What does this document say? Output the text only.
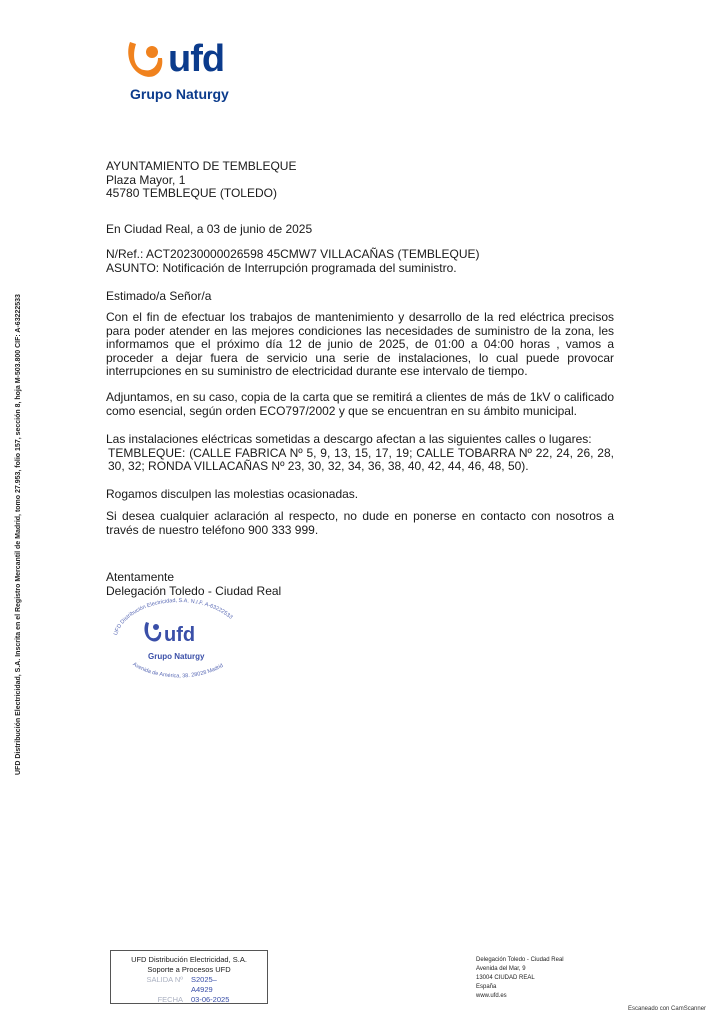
ufd
Grupo Naturgy
UFD Distribución Electricidad, S.A. Inscrita en el Registro Mercantil de Madrid, tomo 27.953, folio 157, sección 8, hoja M-503.800 CIF: A-63222533
AYUNTAMIENTO DE TEMBLEQUE
Plaza Mayor, 1
45780 TEMBLEQUE (TOLEDO)
En Ciudad Real, a 03 de junio de 2025
N/Ref.: ACT20230000026598 45CMW7 VILLACAÑAS (TEMBLEQUE)
ASUNTO: Notificación de Interrupción programada del suministro.
Estimado/a Señor/a
Con el fin de efectuar los trabajos de mantenimiento y desarrollo de la red eléctrica precisos para poder atender en las mejores condiciones las necesidades de suministro de la zona, les informamos que el próximo día 12 de junio de 2025, de 01:00 a 04:00 horas , vamos a proceder a dejar fuera de servicio una serie de instalaciones, lo cual puede provocar interrupciones en su suministro de electricidad durante ese intervalo de tiempo.
Adjuntamos, en su caso, copia de la carta que se remitirá a clientes de más de 1kV o calificado como esencial, según orden ECO797/2002 y que se encuentran en su ámbito municipal.
Las instalaciones eléctricas sometidas a descargo afectan a las siguientes calles o lugares:
TEMBLEQUE: (CALLE FABRICA Nº 5, 9, 13, 15, 17, 19; CALLE TOBARRA Nº 22, 24, 26, 28, 30, 32; RONDA VILLACAÑAS Nº 23, 30, 32, 34, 36, 38, 40, 42, 44, 46, 48, 50).
Rogamos disculpen las molestias ocasionadas.
Si desea cualquier aclaración al respecto, no dude en ponerse en contacto con nosotros a través de nuestro teléfono 900 333 999.
Atentamente
Delegación Toledo - Ciudad Real
UFD Distribución Electricidad, S.A. N.I.F. A-63222533
Avenida de América, 38. 28028 Madrid
ufd
Grupo Naturgy
UFD Distribución Electricidad, S.A.
Soporte a Procesos UFD
SALIDA Nº S2025–A4929
FECHA 03-06-2025
Delegación Toledo - Ciudad Real
Avenida del Mar, 9
13004 CIUDAD REAL
España
www.ufd.es
Escaneado con CamScanner
